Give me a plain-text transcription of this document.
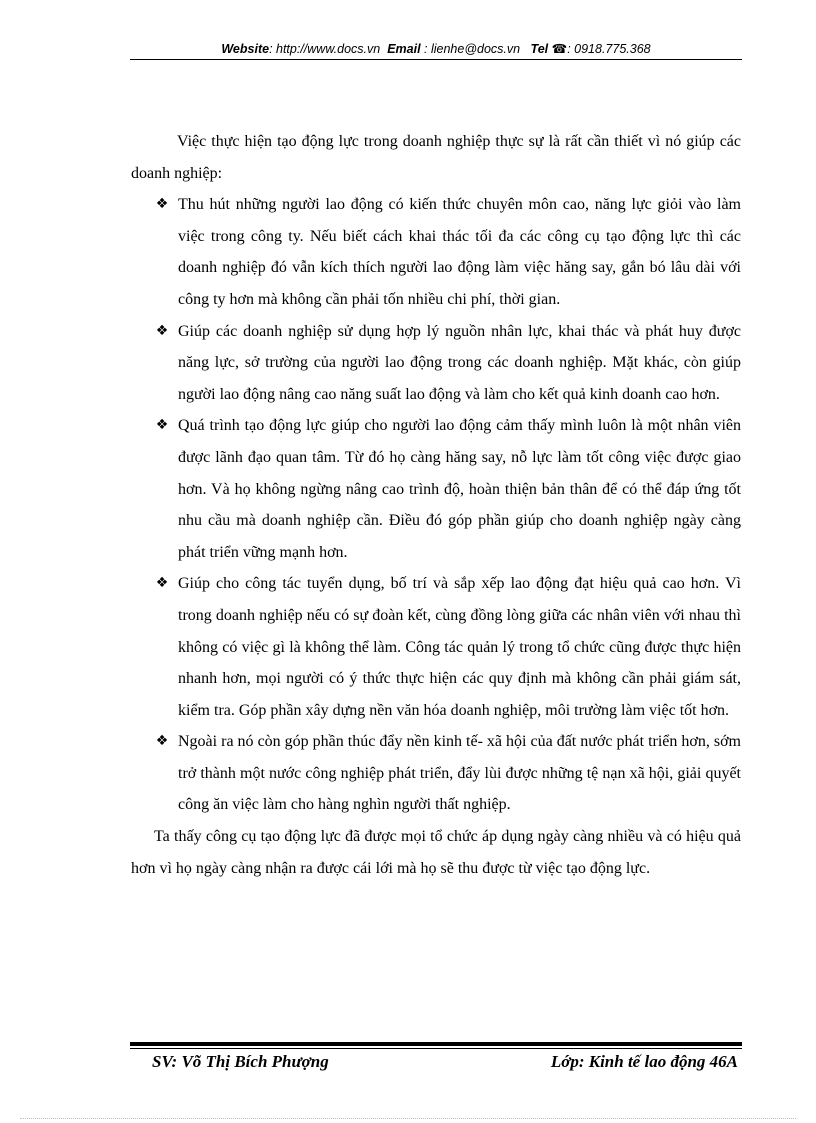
Website: http://www.docs.vn Email : lienhe@docs.vn Tel ☎: 0918.775.368

Việc thực hiện tạo động lực trong doanh nghiệp thực sự là rất cần thiết vì nó giúp các doanh nghiệp:

❖ Thu hút những người lao động có kiến thức chuyên môn cao, năng lực giỏi vào làm việc trong công ty. Nếu biết cách khai thác tối đa các công cụ tạo động lực thì các doanh nghiệp đó vẫn kích thích người lao động làm việc hăng say, gắn bó lâu dài với công ty hơn mà không cần phải tốn nhiều chi phí, thời gian.
❖ Giúp các doanh nghiệp sử dụng hợp lý nguồn nhân lực, khai thác và phát huy được năng lực, sở trường của người lao động trong các doanh nghiệp. Mặt khác, còn giúp người lao động nâng cao năng suất lao động và làm cho kết quả kinh doanh cao hơn.
❖ Quá trình tạo động lực giúp cho người lao động cảm thấy mình luôn là một nhân viên được lãnh đạo quan tâm. Từ đó họ càng hăng say, nỗ lực làm tốt công việc được giao hơn. Và họ không ngừng nâng cao trình độ, hoàn thiện bản thân để có thể đáp ứng tốt nhu cầu mà doanh nghiệp cần. Điều đó góp phần giúp cho doanh nghiệp ngày càng phát triển vững mạnh hơn.
❖ Giúp cho công tác tuyển dụng, bố trí và sắp xếp lao động đạt hiệu quả cao hơn. Vì trong doanh nghiệp nếu có sự đoàn kết, cùng đồng lòng giữa các nhân viên với nhau thì không có việc gì là không thể làm. Công tác quản lý trong tổ chức cũng được thực hiện nhanh hơn, mọi người có ý thức thực hiện các quy định mà không cần phải giám sát, kiểm tra. Góp phần xây dựng nền văn hóa doanh nghiệp, môi trường làm việc tốt hơn.
❖ Ngoài ra nó còn góp phần thúc đẩy nền kinh tế- xã hội của đất nước phát triển hơn, sớm trở thành một nước công nghiệp phát triển, đẩy lùi được những tệ nạn xã hội, giải quyết công ăn việc làm cho hàng nghìn người thất nghiệp.

Ta thấy công cụ tạo động lực đã được mọi tổ chức áp dụng ngày càng nhiều và có hiệu quả hơn vì họ ngày càng nhận ra được cái lới mà họ sẽ thu được từ việc tạo động lực.

SV: Võ Thị Bích Phượng	Lớp: Kinh tế lao động 46A
